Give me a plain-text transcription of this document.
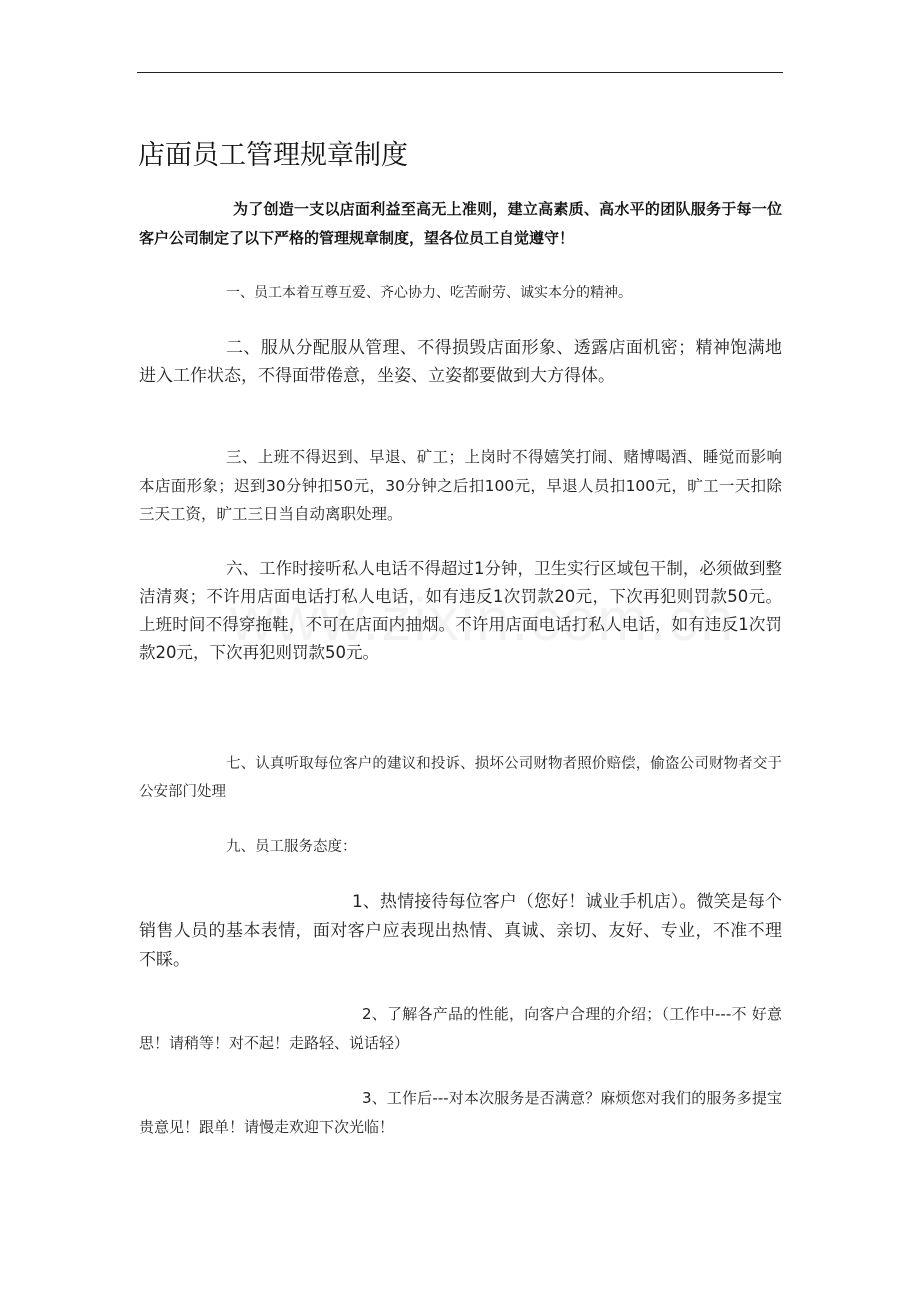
店面员工管理规章制度

为了创造一支以店面利益至高无上准则，建立高素质、高水平的团队服务于每一位客户公司制定了以下严格的管理规章制度，望各位员工自觉遵守！

一、员工本着互尊互爱、齐心协力、吃苦耐劳、诚实本分的精神。

二、服从分配服从管理、不得损毁店面形象、透露店面机密；精神饱满地进入工作状态，不得面带倦意，坐姿、立姿都要做到大方得体。

三、上班不得迟到、早退、矿工；上岗时不得嬉笑打闹、赌博喝酒、睡觉而影响本店面形象；迟到30分钟扣50元，30分钟之后扣100元，早退人员扣100元，旷工一天扣除三天工资，旷工三日当自动离职处理。

六、工作时接听私人电话不得超过1分钟，卫生实行区域包干制，必须做到整洁清爽；不许用店面电话打私人电话，如有违反1次罚款20元，下次再犯则罚款50元。上班时间不得穿拖鞋，不可在店面内抽烟。不许用店面电话打私人电话，如有违反1次罚款20元，下次再犯则罚款50元。

七、认真听取每位客户的建议和投诉、损坏公司财物者照价赔偿，偷盗公司财物者交于公安部门处理

九、员工服务态度：

1、热情接待每位客户（您好！诚业手机店）。微笑是每个销售人员的基本表情，面对客户应表现出热情、真诚、亲切、友好、专业，不准不理不睬。

2、了解各产品的性能，向客户合理的介绍；（工作中---不 好意思！请稍等！对不起！走路轻、说话轻）

3、工作后---对本次服务是否满意？麻烦您对我们的服务多提宝贵意见！跟单！请慢走欢迎下次光临！
